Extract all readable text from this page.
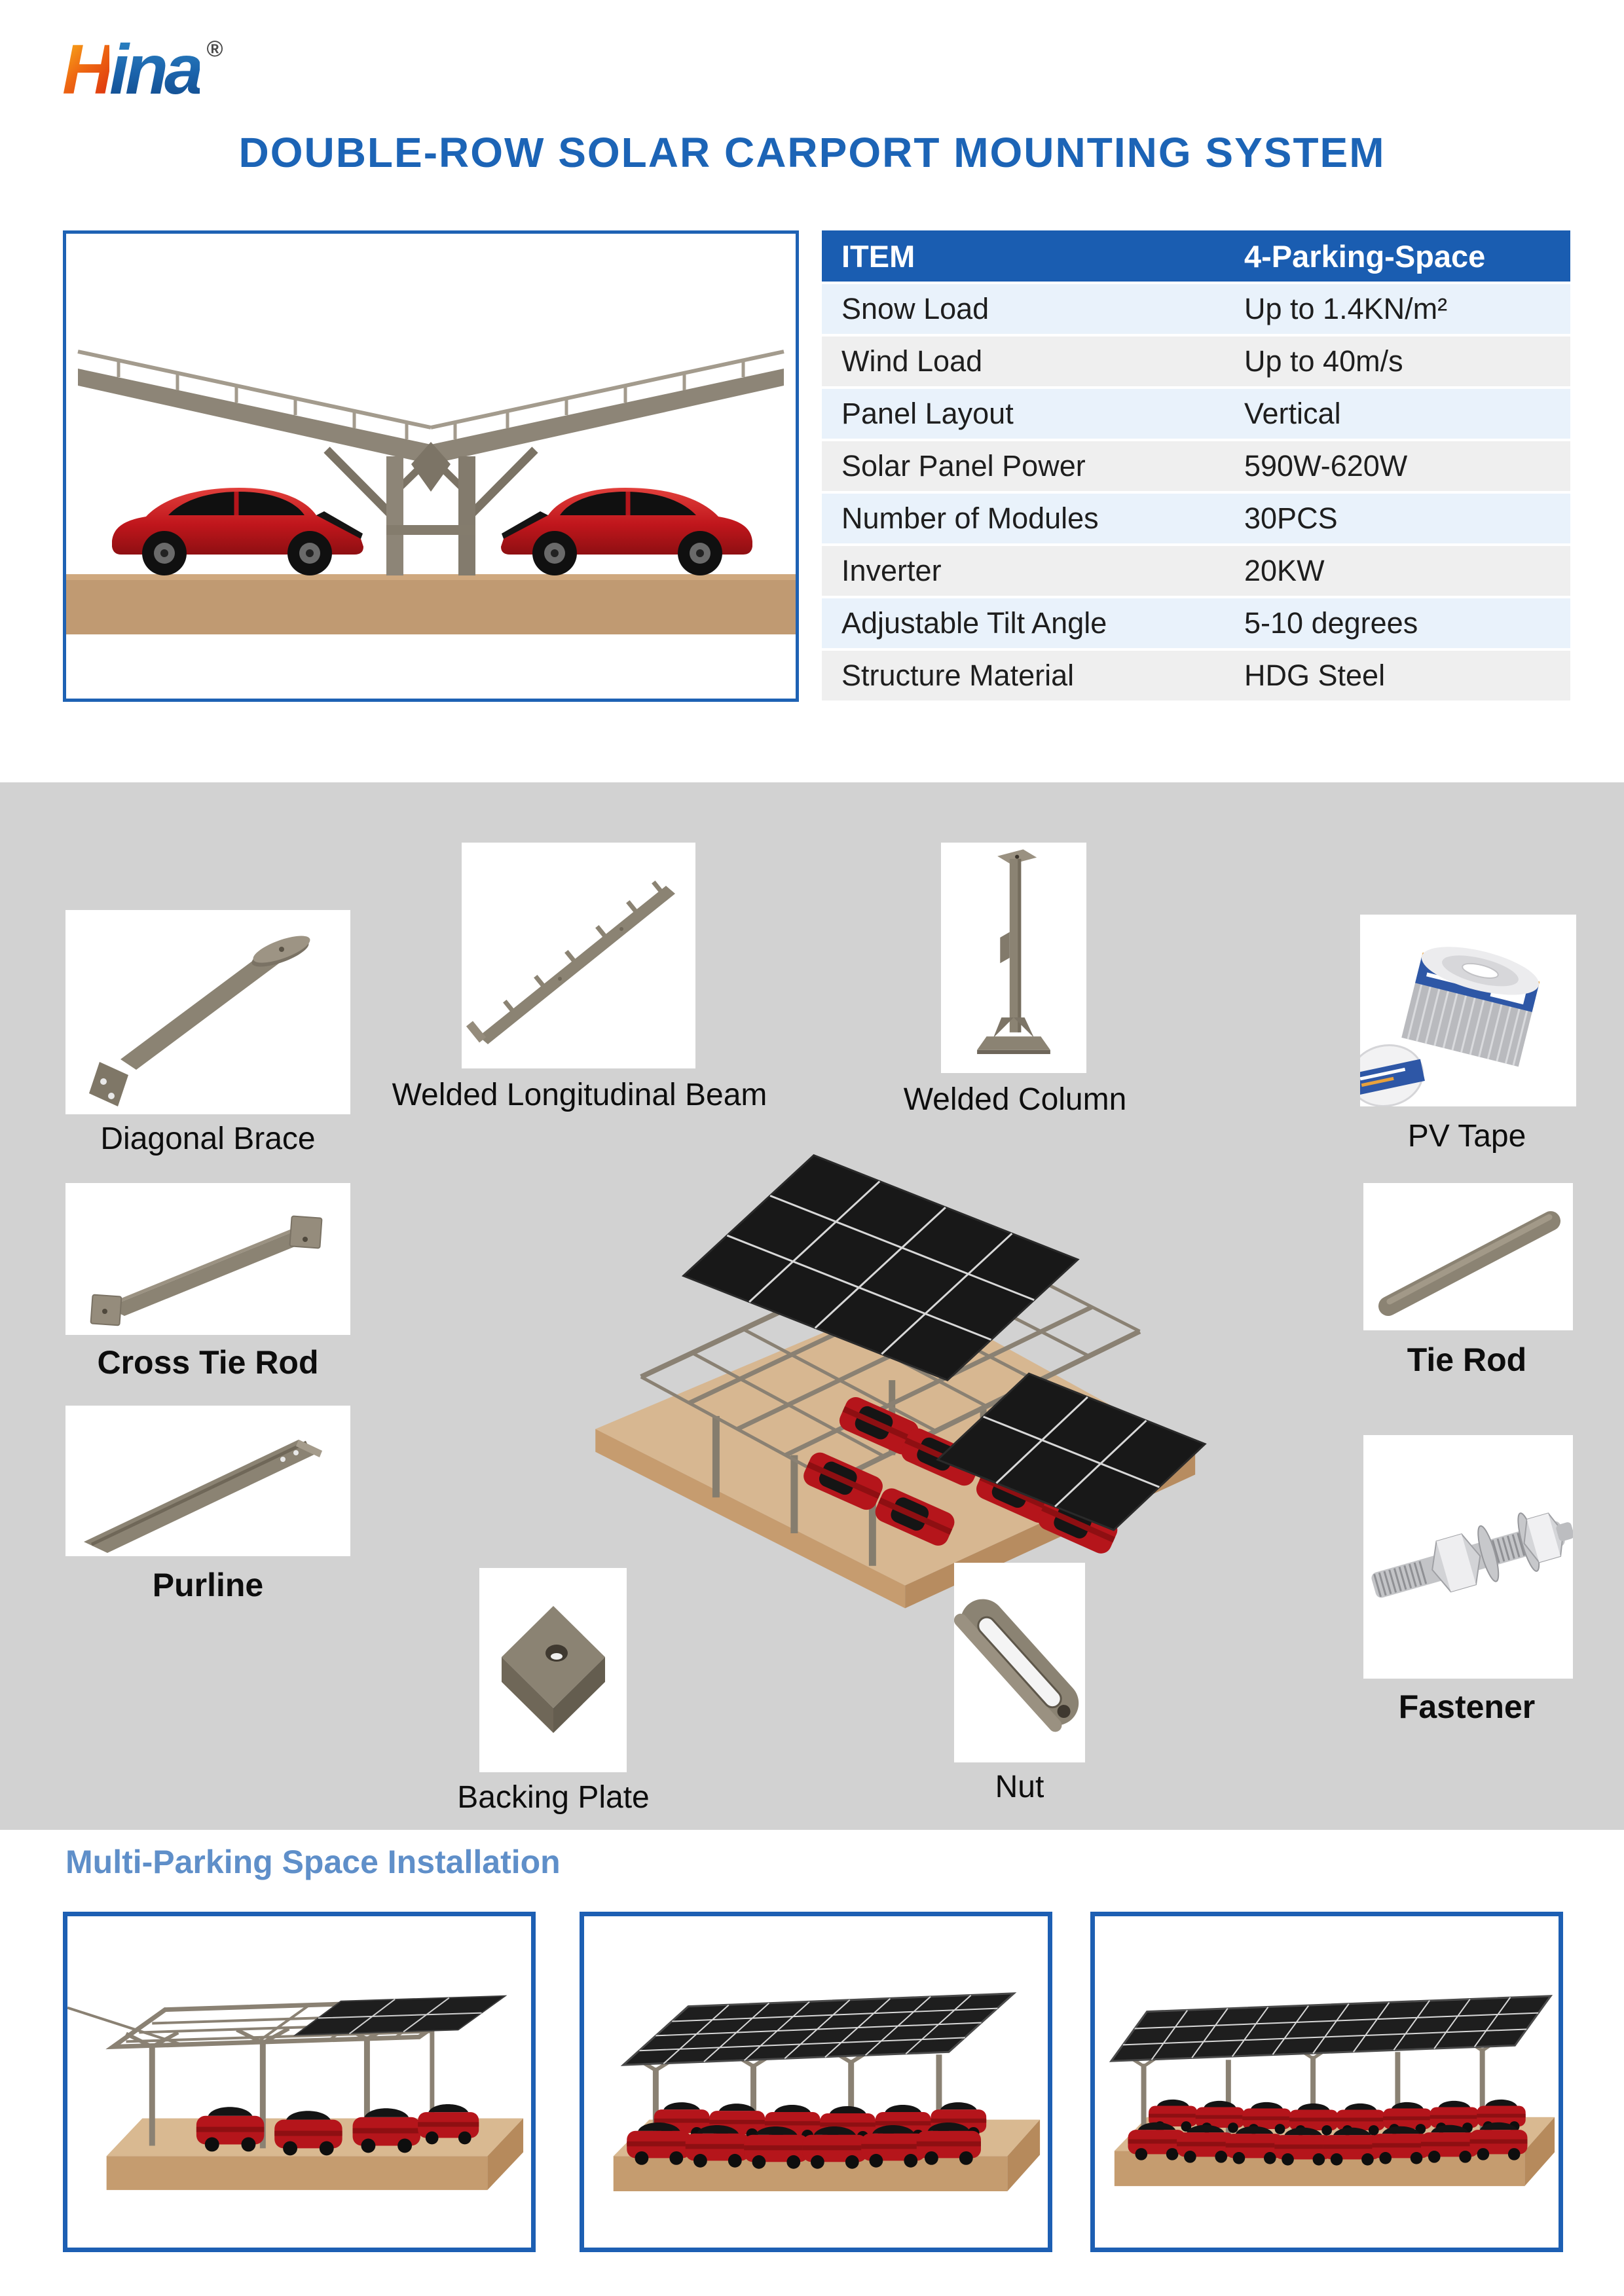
H ina ®
DOUBLE-ROW SOLAR CARPORT MOUNTING SYSTEM
ITEM	4-Parking-Space
Snow Load	Up to 1.4KN/m²
Wind Load	Up to 40m/s
Panel Layout	Vertical
Solar Panel Power	590W-620W
Number of Modules	30PCS
Inverter	20KW
Adjustable Tilt Angle	5-10 degrees
Structure Material	HDG Steel
Diagonal Brace
Welded Longitudinal Beam	Welded Column
PV Tape
Cross Tie Rod	Tie Rod
Purline
Backing Plate	Nut
Fastener
Multi-Parking Space Installation
